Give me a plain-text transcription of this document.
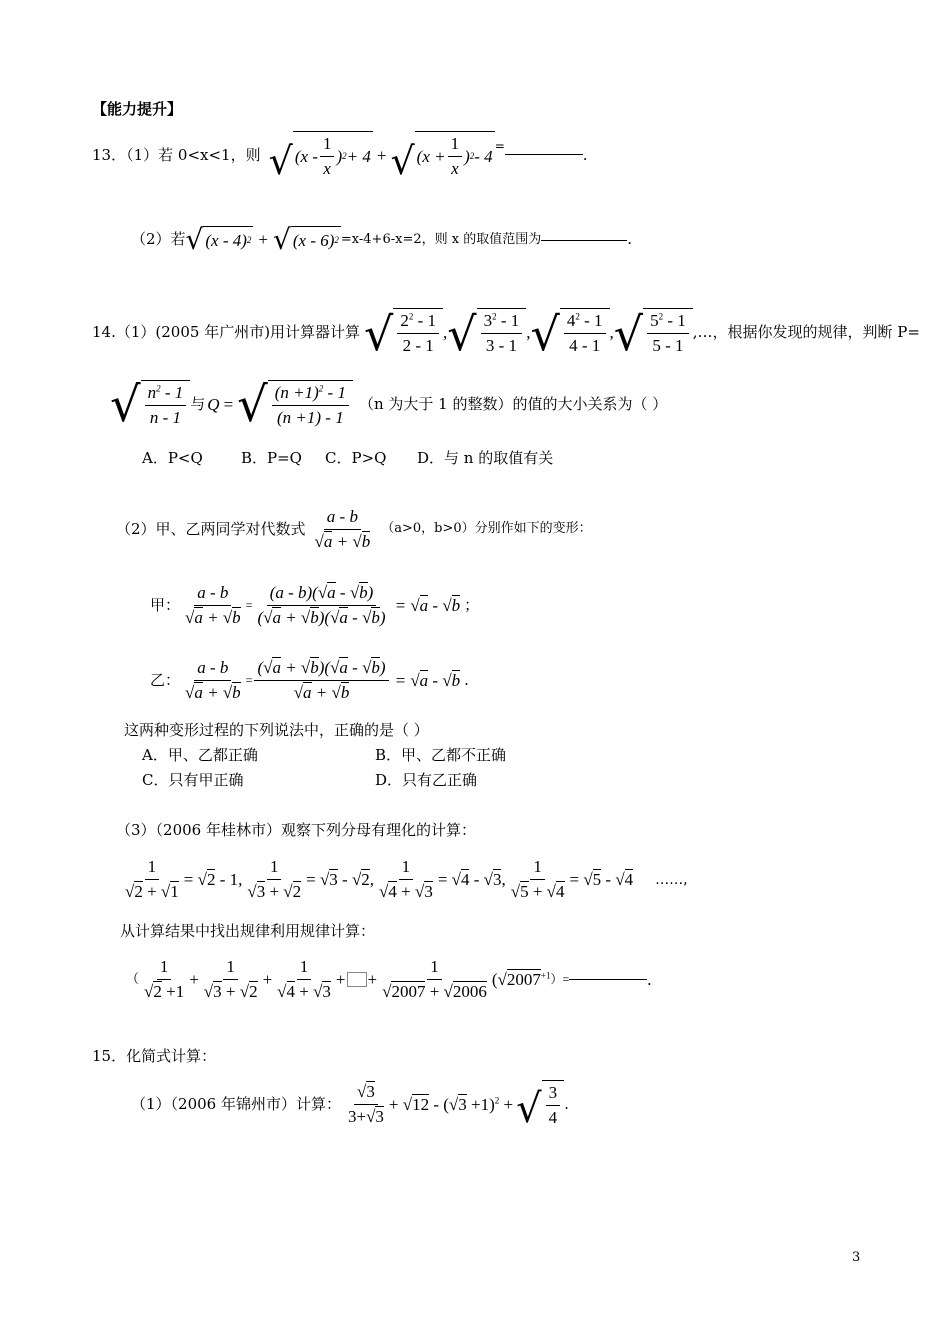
【能力提升】
13．（1）若 0<x<1，则 √ ($x - \frac{1}{x}$ ) 2 + 4 + √ ($x + \frac{1}{x}$ ) 2 - 4
=
.
（2）若 √ (x - 4) 2 + √ (x - 6) 2 =x-4+6-x=2，则 x 的取值范围为	.
14.（1）(2005 年广州市)用计算器计算 √ $\frac{2^2 - 1}{2 - 1}$ , √ $\frac{3^2 - 1}{3 - 1}$ , √ $\frac{4^2 - 1}{4 - 1}$ , √ $\frac{5^2 - 1}{5 - 1}$ ,…，根据你发现的规律，判断 P=
√ $\frac{n^2 - 1}{n - 1}$ 与 Q = √ $\frac{(n +1)^2 - 1}{(n +1) - 1} (n$ 为大于 1 的整数）的值的大小关系为（ ）
A．P<Q	B．P=Q C．P>Q D．与 n 的取值有关
（2）甲、乙两同学对代数式 $\frac{a - b}{√a + √b} (a>0$，b>0）分别作如下的变形：
甲： $\frac{a - b}{√a + √b} = \frac{(a - b)(√a - √b)}{(√a + √b)(√a - √b)} = √a - √b$ ；
乙： $\frac{a - b}{√a + √b} = \frac{(√a + √b)(√a - √b)}{√a + √b} = √a - √b$ .
这两种变形过程的下列说法中，正确的是（ ）
A．甲、乙都正确	B．甲、乙都不正确
C．只有甲正确	D．只有乙正确
（3）（2006 年桂林市）观察下列分母有理化的计算：
$\frac{1}{√2 + √1} = √2 - 1$, $\frac{1}{√3 + √2} = √3 - √2$, $\frac{1}{√4 + √3} = √4 - √3$, $\frac{1}{√5 + √4} = √5 - √4$ ……,
从计算结果中找出规律利用规律计算：
（ $\frac{1}{√2 +1} + \frac{1}{√3 + √2} + \frac{1}{√4 + √3}$ + + $\frac{1}{√2007 + √2006} (√2007^{+1}$ ）=	.
15．化简式计算：
（1）（2006 年锦州市）计算： $\frac{√3}{3+√3} + √12 - (√3 +1)^2$ + √ $\frac{3}{4}$ .
3
